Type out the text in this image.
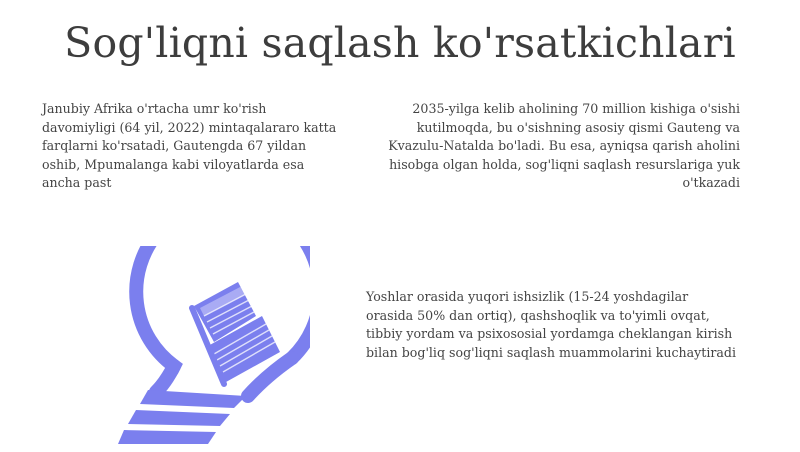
Sog'liqni saqlash ko'rsatkichlari
Janubiy Afrika o'rtacha umr ko'rish davomiyligi (64 yil, 2022) mintaqalararo katta farqlarni ko'rsatadi, Gautengda 67 yildan oshib, Mpumalanga kabi viloyatlarda esa ancha past
2035-yilga kelib aholining 70 million kishiga o'sishi kutilmoqda, bu o'sishning asosiy qismi Gauteng va Kvazulu-Natalda bo'ladi. Bu esa, ayniqsa qarish aholini hisobga olgan holda, sog'liqni saqlash resurslariga yuk o'tkazadi
Yoshlar orasida yuqori ishsizlik (15-24 yoshdagilar orasida 50% dan ortiq), qashshoqlik va to'yimli ovqat, tibbiy yordam va psixososial yordamga cheklangan kirish bilan bog'liq sog'liqni saqlash muammolarini kuchaytiradi
